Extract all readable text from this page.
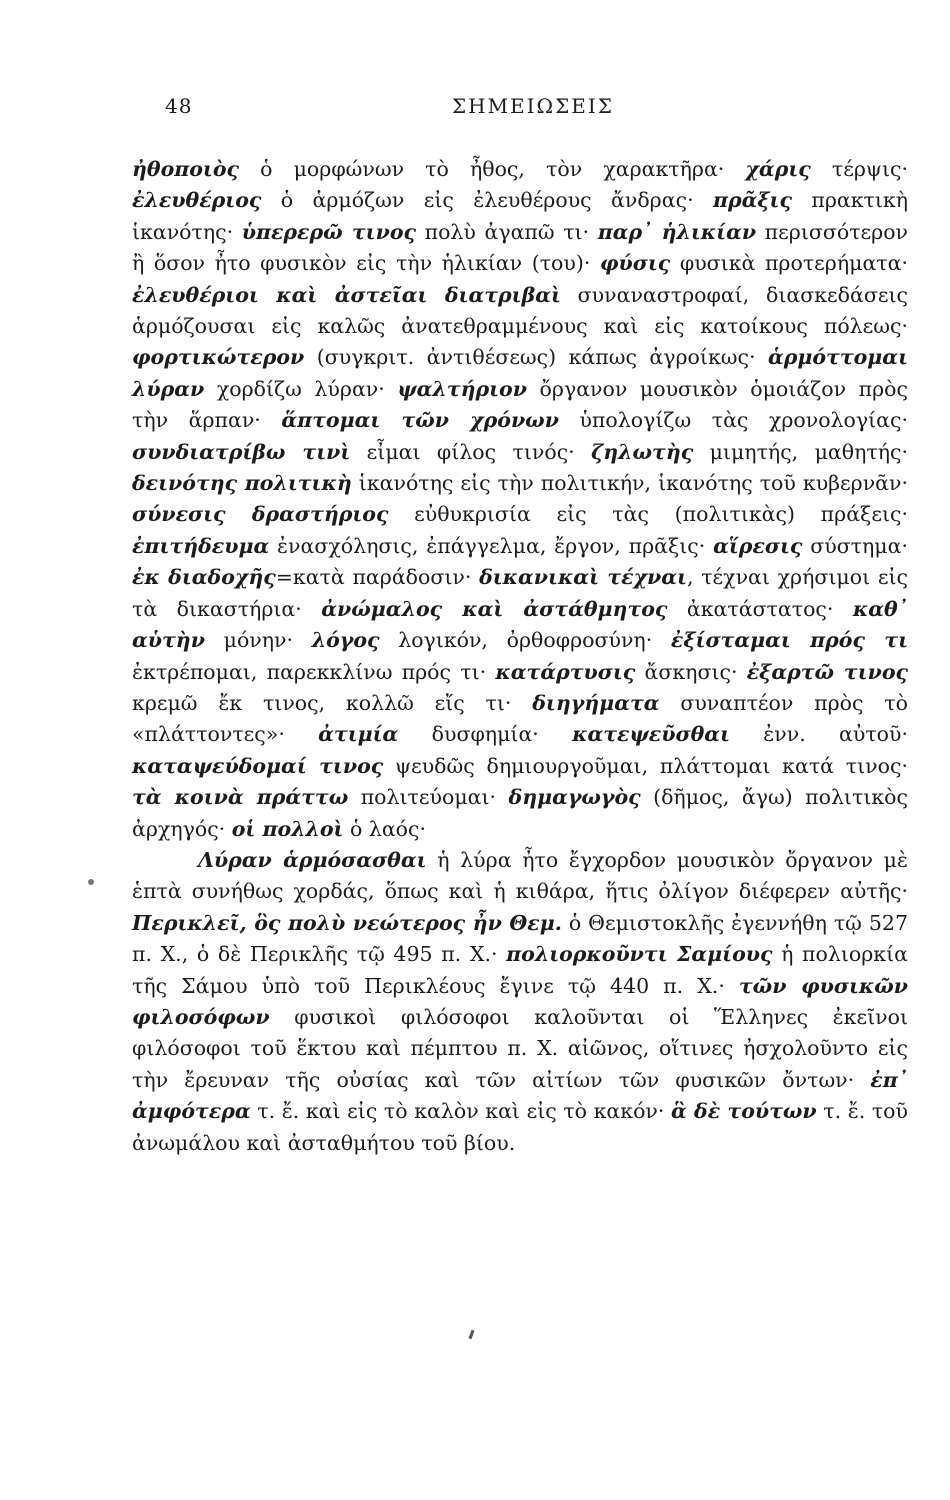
48	ΣΗΜΕΙΩΣΕΙΣ

ἠθοποιὸς ὁ μορφώνων τὸ ἦθος, τὸν χαρακτῆρα· χάρις τέρψις· ἐλευθέριος ὁ ἁρμόζων εἰς ἐλευθέρους ἄνδρας· πρᾶξις πρακτικὴ ἱκανότης· ὑπερερῶ τινος πολὺ ἀγαπῶ τι· παρ᾽ ἡλικίαν περισσότερον ἢ ὅσον ἦτο φυσικὸν εἰς τὴν ἡλικίαν (του)· φύσις φυσικὰ προτερήματα· ἐλευθέριοι καὶ ἀστεῖαι διατριβαὶ συναναστροφαί, διασκεδάσεις ἁρμόζουσαι εἰς καλῶς ἀνατεθραμμένους καὶ εἰς κατοίκους πόλεως· φορτικώτερον (συγκριτ. ἀντιθέσεως) κάπως ἀγροίκως· ἁρμόττομαι λύραν χορδίζω λύραν· ψαλτήριον ὄργανον μουσικὸν ὁμοιάζον πρὸς τὴν ἅρπαν· ἅπτομαι τῶν χρόνων ὑπολογίζω τὰς χρονολογίας· συνδιατρίβω τινὶ εἶμαι φίλος τινός· ζηλωτὴς μιμητής, μαθητής· δεινότης πολιτικὴ ἱκανότης εἰς τὴν πολιτικήν, ἱκανότης τοῦ κυβερνᾶν· σύνεσις δραστήριος εὐθυκρισία εἰς τὰς (πολιτικὰς) πράξεις· ἐπιτήδευμα ἐνασχόλησις, ἐπάγγελμα, ἔργον, πρᾶξις· αἵρεσις σύστημα· ἐκ διαδοχῆς=κατὰ παράδοσιν· δικανικαὶ τέχναι, τέχναι χρήσιμοι εἰς τὰ δικαστήρια· ἀνώμαλος καὶ ἀστάθμητος ἀκατάστατος· καθ᾽ αὑτὴν μόνην· λόγος λογικόν, ὀρθοφροσύνη· ἐξίσταμαι πρός τι ἐκτρέπομαι, παρεκκλίνω πρός τι· κατάρτυσις ἄσκησις· ἐξαρτῶ τινος κρεμῶ ἔκ τινος, κολλῶ εἴς τι· διηγήματα συναπτέον πρὸς τὸ «πλάττοντες»· ἀτιμία δυσφημία· κατεψεῦσθαι ἐνν. αὐτοῦ· καταψεύδομαί τινος ψευδῶς δημιουργοῦμαι, πλάττομαι κατά τινος· τὰ κοινὰ πράττω πολιτεύομαι· δημαγωγὸς (δῆμος, ἄγω) πολιτικὸς ἀρχηγός· οἱ πολλοὶ ὁ λαός·

Λύραν ἁρμόσασθαι ἡ λύρα ἦτο ἔγχορδον μουσικὸν ὄργανον μὲ ἑπτὰ συνήθως χορδάς, ὅπως καὶ ἡ κιθάρα, ἥτις ὀλίγον διέφερεν αὐτῆς· Περικλεῖ, ὃς πολὺ νεώτερος ἦν Θεμ. ὁ Θεμιστοκλῆς ἐγεννήθη τῷ 527 π. Χ., ὁ δὲ Περικλῆς τῷ 495 π. Χ.· πολιορκοῦντι Σαμίους ἡ πολιορκία τῆς Σάμου ὑπὸ τοῦ Περικλέους ἔγινε τῷ 440 π. Χ.· τῶν φυσικῶν φιλοσόφων φυσικοὶ φιλόσοφοι καλοῦνται οἱ Ἕλληνες ἐκεῖνοι φιλόσοφοι τοῦ ἕκτου καὶ πέμπτου π. Χ. αἰῶνος, οἵτινες ἠσχολοῦντο εἰς τὴν ἔρευναν τῆς οὐσίας καὶ τῶν αἰτίων τῶν φυσικῶν ὄντων· ἐπ᾽ ἀμφότερα τ. ἔ. καὶ εἰς τὸ καλὸν καὶ εἰς τὸ κακόν· ἃ δὲ τούτων τ. ἔ. τοῦ ἀνωμάλου καὶ ἀσταθμήτου τοῦ βίου.
